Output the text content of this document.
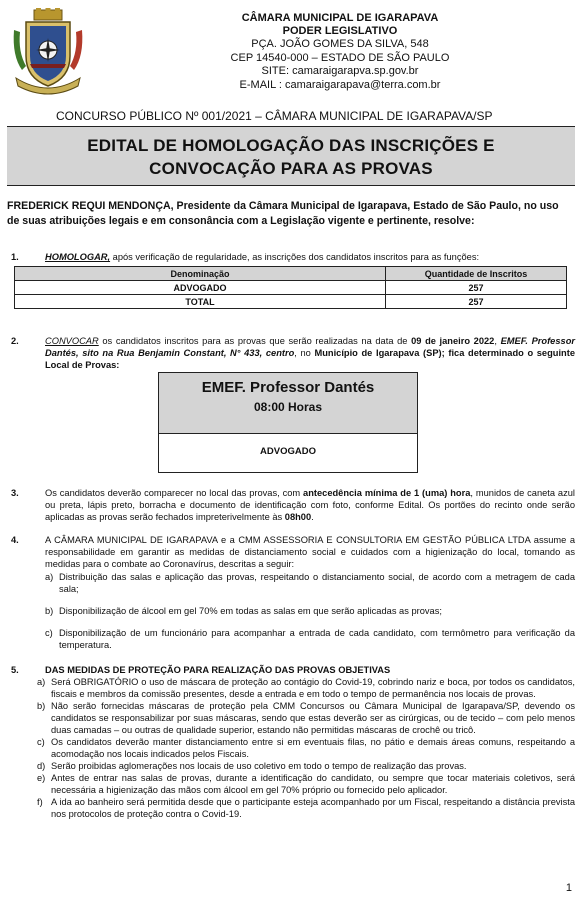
CÂMARA MUNICIPAL DE IGARAPAVA
PODER LEGISLATIVO
PÇA. JOÃO GOMES DA SILVA, 548
CEP 14540-000 – ESTADO DE SÃO PAULO
SITE: camaraigarapva.sp.gov.br
E-MAIL : camaraigarapava@terra.com.br
CONCURSO PÚBLICO Nº 001/2021 – CÂMARA MUNICIPAL DE IGARAPAVA/SP
EDITAL DE HOMOLOGAÇÃO DAS INSCRIÇÕES E
CONVOCAÇÃO PARA AS PROVAS
FREDERICK REQUI MENDONÇA, Presidente da Câmara Municipal de Igarapava, Estado de São Paulo, no uso de suas atribuições legais e em consonância com a Legislação vigente e pertinente, resolve:
1.	HOMOLOGAR, após verificação de regularidade, as inscrições dos candidatos inscritos para as funções:
Denominação	Quantidade de Inscritos
ADVOGADO	257
TOTAL	257
2.	CONVOCAR os candidatos inscritos para as provas que serão realizadas na data de 09 de janeiro 2022, EMEF. Professor Dantés, sito na Rua Benjamin Constant, N° 433, centro, no Município de Igarapava (SP); fica determinado o seguinte Local de Provas:
EMEF. Professor Dantés
08:00 Horas
ADVOGADO
3.	Os candidatos deverão comparecer no local das provas, com antecedência mínima de 1 (uma) hora, munidos de caneta azul ou preta, lápis preto, borracha e documento de identificação com foto, conforme Edital. Os portões do recinto onde serão aplicadas as provas serão fechados impreterivelmente às 08h00.
4.	A CÂMARA MUNICIPAL DE IGARAPAVA e a CMM ASSESSORIA E CONSULTORIA EM GESTÃO PÚBLICA LTDA assume a responsabilidade em garantir as medidas de distanciamento social e cuidados com a higienização do local, tomando as medidas para o combate ao Coronavírus, descritas a seguir:
a) Distribuição das salas e aplicação das provas, respeitando o distanciamento social, de acordo com a metragem de cada sala;
b) Disponibilização de álcool em gel 70% em todas as salas em que serão aplicadas as provas;
c) Disponibilização de um funcionário para acompanhar a entrada de cada candidato, com termômetro para verificação da temperatura.
5.	DAS MEDIDAS DE PROTEÇÃO PARA REALIZAÇÃO DAS PROVAS OBJETIVAS
a) Será OBRIGATÓRIO o uso de máscara de proteção ao contágio do Covid-19, cobrindo nariz e boca, por todos os candidatos, fiscais e membros da comissão presentes, desde a entrada e em todo o tempo de permanência nos locais de provas.
b) Não serão fornecidas máscaras de proteção pela CMM Concursos ou Câmara Municipal de Igarapava/SP, devendo os candidatos se responsabilizar por suas máscaras, sendo que estas deverão ser as cirúrgicas, ou de tecido – com pelo menos duas camadas – ou outras de qualidade superior, estando não permitidas máscaras de crochê ou tricô.
c) Os candidatos deverão manter distanciamento entre si em eventuais filas, no pátio e demais áreas comuns, respeitando a acomodação nos locais indicados pelos Fiscais.
d) Serão proibidas aglomerações nos locais de uso coletivo em todo o tempo de realização das provas.
e) Antes de entrar nas salas de provas, durante a identificação do candidato, ou sempre que tocar materiais coletivos, será necessária a higienização das mãos com álcool em gel 70% próprio ou fornecido pelo aplicador.
f) A ida ao banheiro será permitida desde que o participante esteja acompanhado por um Fiscal, respeitando a distância prevista nos protocolos de proteção contra o Covid-19.
1
